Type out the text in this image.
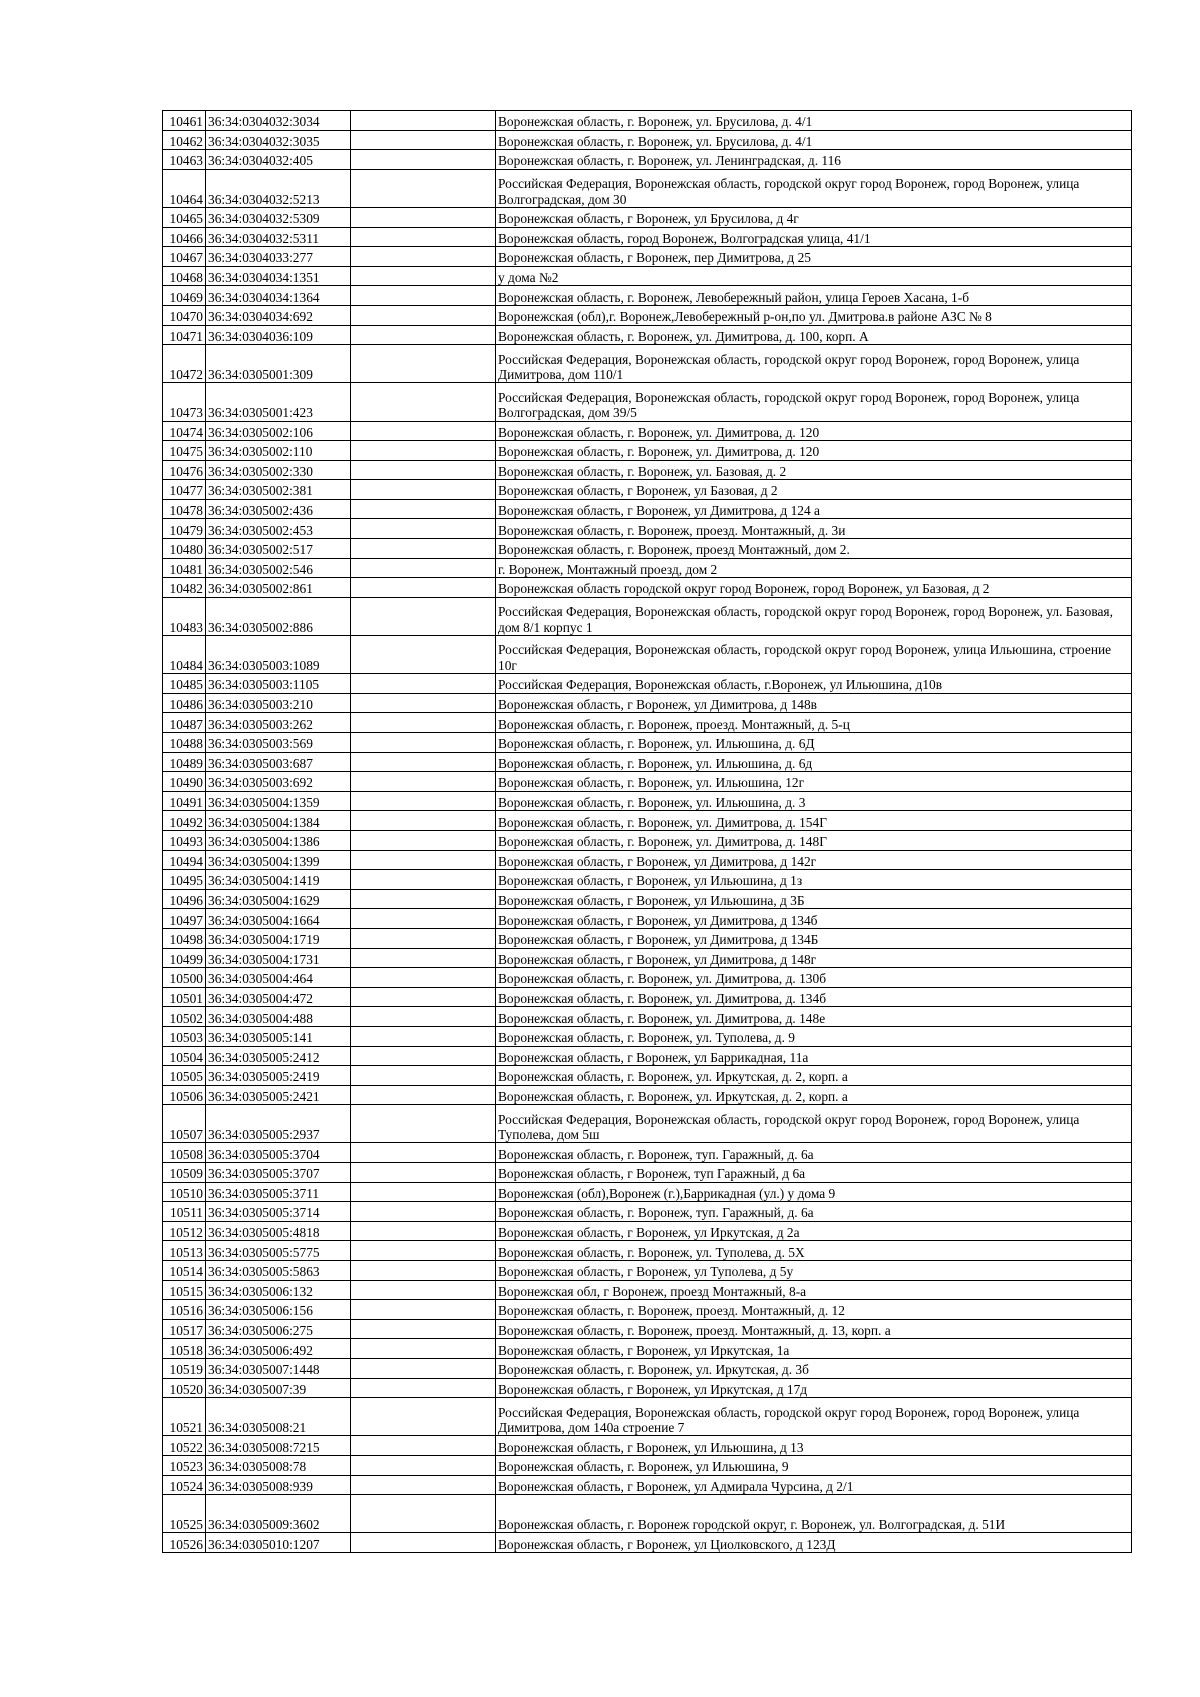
10461	36:34:0304032:3034		Воронежская область, г. Воронеж, ул. Брусилова, д. 4/1
10462	36:34:0304032:3035		Воронежская область, г. Воронеж, ул. Брусилова, д. 4/1
10463	36:34:0304032:405		Воронежская область, г. Воронеж, ул. Ленинградская, д. 116
10464	36:34:0304032:5213		Российская Федерация, Воронежская область, городской округ город Воронеж, город Воронеж, улица Волгоградская, дом 30
10465	36:34:0304032:5309		Воронежская область, г Воронеж, ул Брусилова, д 4г
10466	36:34:0304032:5311		Воронежская область, город Воронеж, Волгоградская улица, 41/1
10467	36:34:0304033:277		Воронежская область, г Воронеж, пер Димитрова, д 25
10468	36:34:0304034:1351		у дома №2
10469	36:34:0304034:1364		Воронежская область, г. Воронеж, Левобережный район, улица Героев Хасана, 1-б
10470	36:34:0304034:692		Воронежская (обл),г. Воронеж,Левобережный р-он,по ул. Дмитрова.в районе АЗС № 8
10471	36:34:0304036:109		Воронежская область, г. Воронеж, ул. Димитрова, д. 100, корп. А
10472	36:34:0305001:309		Российская Федерация, Воронежская область, городской округ город Воронеж, город Воронеж, улица Димитрова, дом 110/1
10473	36:34:0305001:423		Российская Федерация, Воронежская область, городской округ город Воронеж, город Воронеж, улица Волгоградская, дом 39/5
10474	36:34:0305002:106		Воронежская область, г. Воронеж, ул. Димитрова, д. 120
10475	36:34:0305002:110		Воронежская область, г. Воронеж, ул. Димитрова, д. 120
10476	36:34:0305002:330		Воронежская область, г. Воронеж, ул. Базовая, д. 2
10477	36:34:0305002:381		Воронежская область, г Воронеж, ул Базовая, д 2
10478	36:34:0305002:436		Воронежская область, г Воронеж, ул Димитрова, д 124 а
10479	36:34:0305002:453		Воронежская область, г. Воронеж, проезд. Монтажный, д. 3и
10480	36:34:0305002:517		Воронежская область, г. Воронеж, проезд Монтажный, дом 2.
10481	36:34:0305002:546		г. Воронеж, Монтажный проезд, дом 2
10482	36:34:0305002:861		Воронежская область городской округ город Воронеж, город Воронеж, ул Базовая, д 2
10483	36:34:0305002:886		Российская Федерация, Воронежская область, городской округ город Воронеж, город Воронеж, ул. Базовая, дом 8/1 корпус 1
10484	36:34:0305003:1089		Российская Федерация, Воронежская область, городской округ город Воронеж, улица Ильюшина, строение 10г
10485	36:34:0305003:1105		Российская Федерация, Воронежская область, г.Воронеж, ул Ильюшина, д10в
10486	36:34:0305003:210		Воронежская область, г Воронеж, ул Димитрова, д 148в
10487	36:34:0305003:262		Воронежская область, г. Воронеж, проезд. Монтажный, д. 5-ц
10488	36:34:0305003:569		Воронежская область, г. Воронеж, ул. Ильюшина, д. 6Д
10489	36:34:0305003:687		Воронежская область, г. Воронеж, ул. Ильюшина, д. 6д
10490	36:34:0305003:692		Воронежская область, г. Воронеж, ул. Ильюшина, 12г
10491	36:34:0305004:1359		Воронежская область, г. Воронеж, ул. Ильюшина, д. 3
10492	36:34:0305004:1384		Воронежская область, г. Воронеж, ул. Димитрова, д. 154Г
10493	36:34:0305004:1386		Воронежская область, г. Воронеж, ул. Димитрова, д. 148Г
10494	36:34:0305004:1399		Воронежская область, г Воронеж, ул Димитрова, д 142г
10495	36:34:0305004:1419		Воронежская область, г Воронеж, ул Ильюшина, д 1з
10496	36:34:0305004:1629		Воронежская область, г Воронеж, ул Ильюшина, д 3Б
10497	36:34:0305004:1664		Воронежская область, г Воронеж, ул Димитрова, д 134б
10498	36:34:0305004:1719		Воронежская область, г Воронеж, ул Димитрова, д 134Б
10499	36:34:0305004:1731		Воронежская область, г Воронеж, ул Димитрова, д 148г
10500	36:34:0305004:464		Воронежская область, г. Воронеж, ул. Димитрова, д. 130б
10501	36:34:0305004:472		Воронежская область, г. Воронеж, ул. Димитрова, д. 134б
10502	36:34:0305004:488		Воронежская область, г. Воронеж, ул. Димитрова, д. 148е
10503	36:34:0305005:141		Воронежская область, г. Воронеж, ул. Туполева, д. 9
10504	36:34:0305005:2412		Воронежская область, г Воронеж, ул Баррикадная, 11а
10505	36:34:0305005:2419		Воронежская область, г. Воронеж, ул. Иркутская, д. 2, корп. а
10506	36:34:0305005:2421		Воронежская область, г. Воронеж, ул. Иркутская, д. 2, корп. а
10507	36:34:0305005:2937		Российская Федерация, Воронежская область, городской округ город Воронеж, город Воронеж, улица Туполева, дом 5ш
10508	36:34:0305005:3704		Воронежская область, г. Воронеж, туп. Гаражный, д. 6а
10509	36:34:0305005:3707		Воронежская область, г Воронеж, туп Гаражный, д 6а
10510	36:34:0305005:3711		Воронежская (обл),Воронеж (г.),Баррикадная (ул.) у дома 9
10511	36:34:0305005:3714		Воронежская область, г. Воронеж, туп. Гаражный, д. 6а
10512	36:34:0305005:4818		Воронежская область, г Воронеж, ул Иркутская, д 2а
10513	36:34:0305005:5775		Воронежская область, г. Воронеж, ул. Туполева, д. 5Х
10514	36:34:0305005:5863		Воронежская область, г Воронеж, ул Туполева, д 5у
10515	36:34:0305006:132		Воронежская обл, г Воронеж, проезд Монтажный, 8-а
10516	36:34:0305006:156		Воронежская область, г. Воронеж, проезд. Монтажный, д. 12
10517	36:34:0305006:275		Воронежская область, г. Воронеж, проезд. Монтажный, д. 13, корп. а
10518	36:34:0305006:492		Воронежская область, г Воронеж, ул Иркутская, 1а
10519	36:34:0305007:1448		Воронежская область, г. Воронеж, ул. Иркутская, д. 3б
10520	36:34:0305007:39		Воронежская область, г Воронеж, ул Иркутская, д 17д
10521	36:34:0305008:21		Российская Федерация, Воронежская область, городской округ город Воронеж, город Воронеж, улица Димитрова, дом 140а строение 7
10522	36:34:0305008:7215		Воронежская область, г Воронеж, ул Ильюшина, д 13
10523	36:34:0305008:78		Воронежская область, г. Воронеж, ул Ильюшина, 9
10524	36:34:0305008:939		Воронежская область, г Воронеж, ул Адмирала Чурсина, д 2/1
10525	36:34:0305009:3602		Воронежская область, г. Воронеж городской округ, г. Воронеж, ул. Волгоградская, д. 51И
10526	36:34:0305010:1207		Воронежская область, г Воронеж, ул Циолковского, д 123Д
